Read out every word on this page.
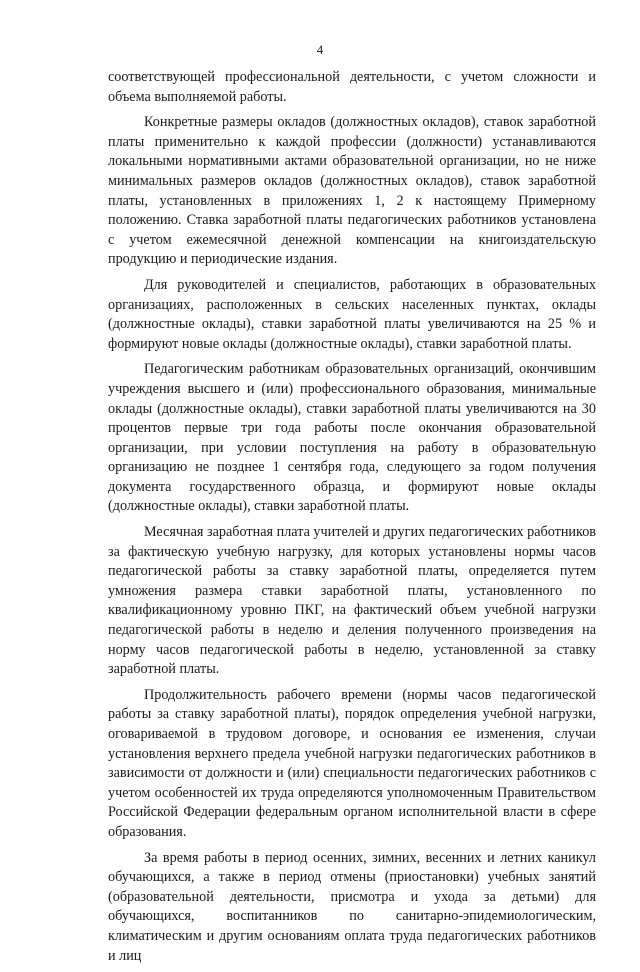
4

соответствующей профессиональной деятельности, с учетом сложности и объема выполняемой работы.

Конкретные размеры окладов (должностных окладов), ставок заработной платы применительно к каждой профессии (должности) устанавливаются локальными нормативными актами образовательной организации, но не ниже минимальных размеров окладов (должностных окладов), ставок заработной платы, установленных в приложениях 1, 2 к настоящему Примерному положению. Ставка заработной платы педагогических работников установлена с учетом ежемесячной денежной компенсации на книгоиздательскую продукцию и периодические издания.

Для руководителей и специалистов, работающих в образовательных организациях, расположенных в сельских населенных пунктах, оклады (должностные оклады), ставки заработной платы увеличиваются на 25 % и формируют новые оклады (должностные оклады), ставки заработной платы.

Педагогическим работникам образовательных организаций, окончившим учреждения высшего и (или) профессионального образования, минимальные оклады (должностные оклады), ставки заработной платы увеличиваются на 30 процентов первые три года работы после окончания образовательной организации, при условии поступления на работу в образовательную организацию не позднее 1 сентября года, следующего за годом получения документа государственного образца, и формируют новые оклады (должностные оклады), ставки заработной платы.

Месячная заработная плата учителей и других педагогических работников за фактическую учебную нагрузку, для которых установлены нормы часов педагогической работы за ставку заработной платы, определяется путем умножения размера ставки заработной платы, установленного по квалификационному уровню ПКГ, на фактический объем учебной нагрузки педагогической работы в неделю и деления полученного произведения на норму часов педагогической работы в неделю, установленной за ставку заработной платы.

Продолжительность рабочего времени (нормы часов педагогической работы за ставку заработной платы), порядок определения учебной нагрузки, оговариваемой в трудовом договоре, и основания ее изменения, случаи установления верхнего предела учебной нагрузки педагогических работников в зависимости от должности и (или) специальности педагогических работников с учетом особенностей их труда определяются уполномоченным Правительством Российской Федерации федеральным органом исполнительной власти в сфере образования.

За время работы в период осенних, зимних, весенних и летних каникул обучающихся, а также в период отмены (приостановки) учебных занятий (образовательной деятельности, присмотра и ухода за детьми) для обучающихся, воспитанников по санитарно-эпидемиологическим, климатическим и другим основаниям оплата труда педагогических работников и лиц
